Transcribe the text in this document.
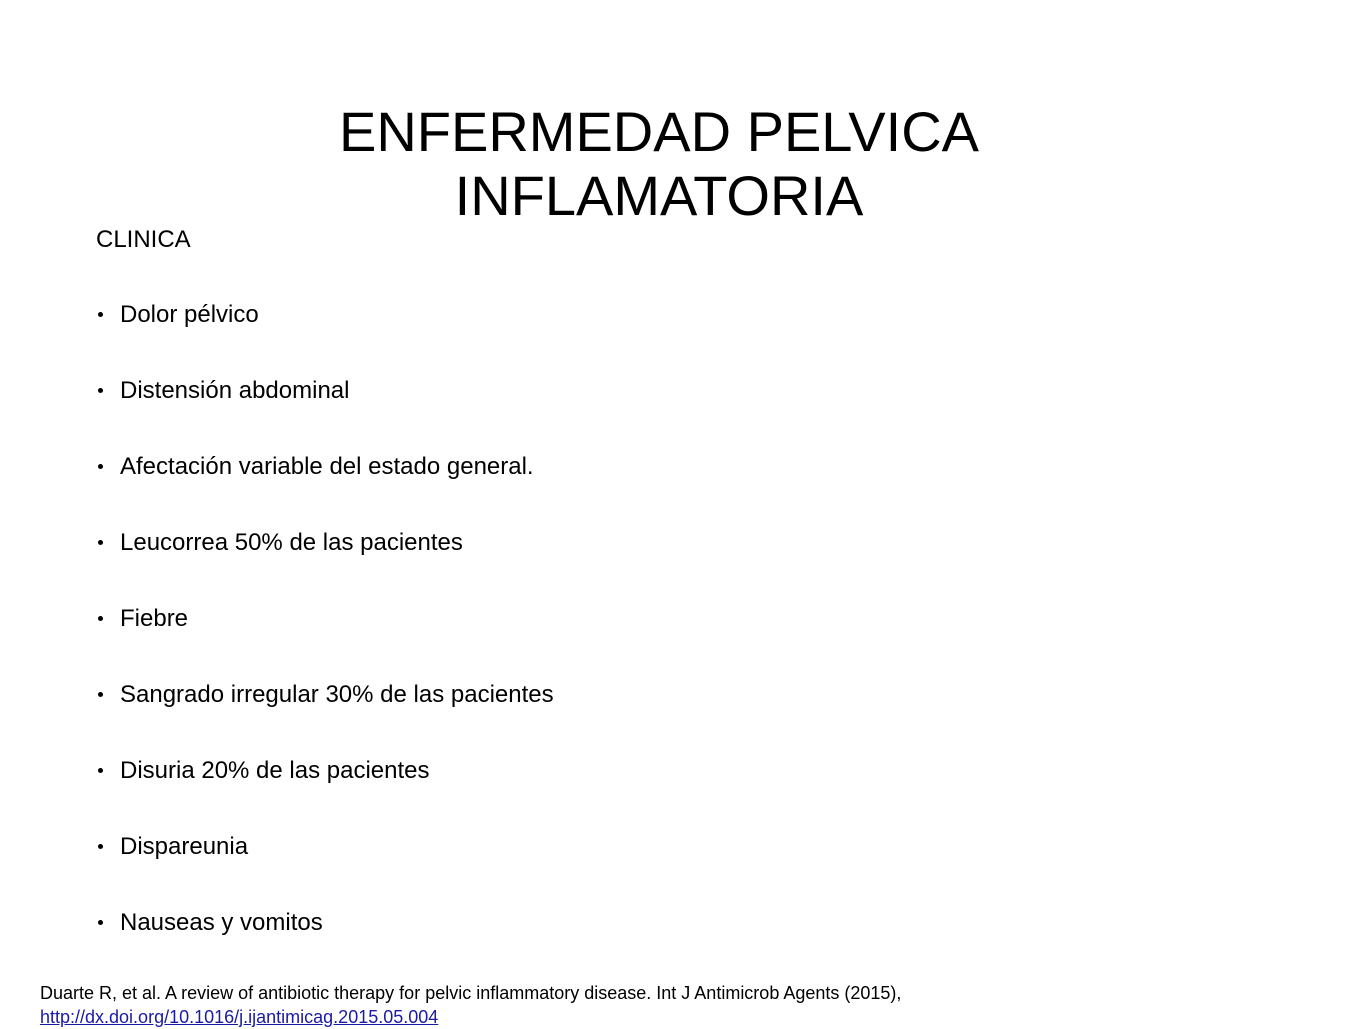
ENFERMEDAD PELVICA
INFLAMATORIA
CLINICA
Dolor pélvico
Distensión abdominal
Afectación variable del estado general.
Leucorrea 50% de las pacientes
Fiebre
Sangrado irregular 30% de las pacientes
Disuria 20% de las pacientes
Dispareunia
Nauseas y vomitos
Duarte R, et al. A review of antibiotic therapy for pelvic inflammatory disease. Int J Antimicrob Agents (2015),
http://dx.doi.org/10.1016/j.ijantimicag.2015.05.004
